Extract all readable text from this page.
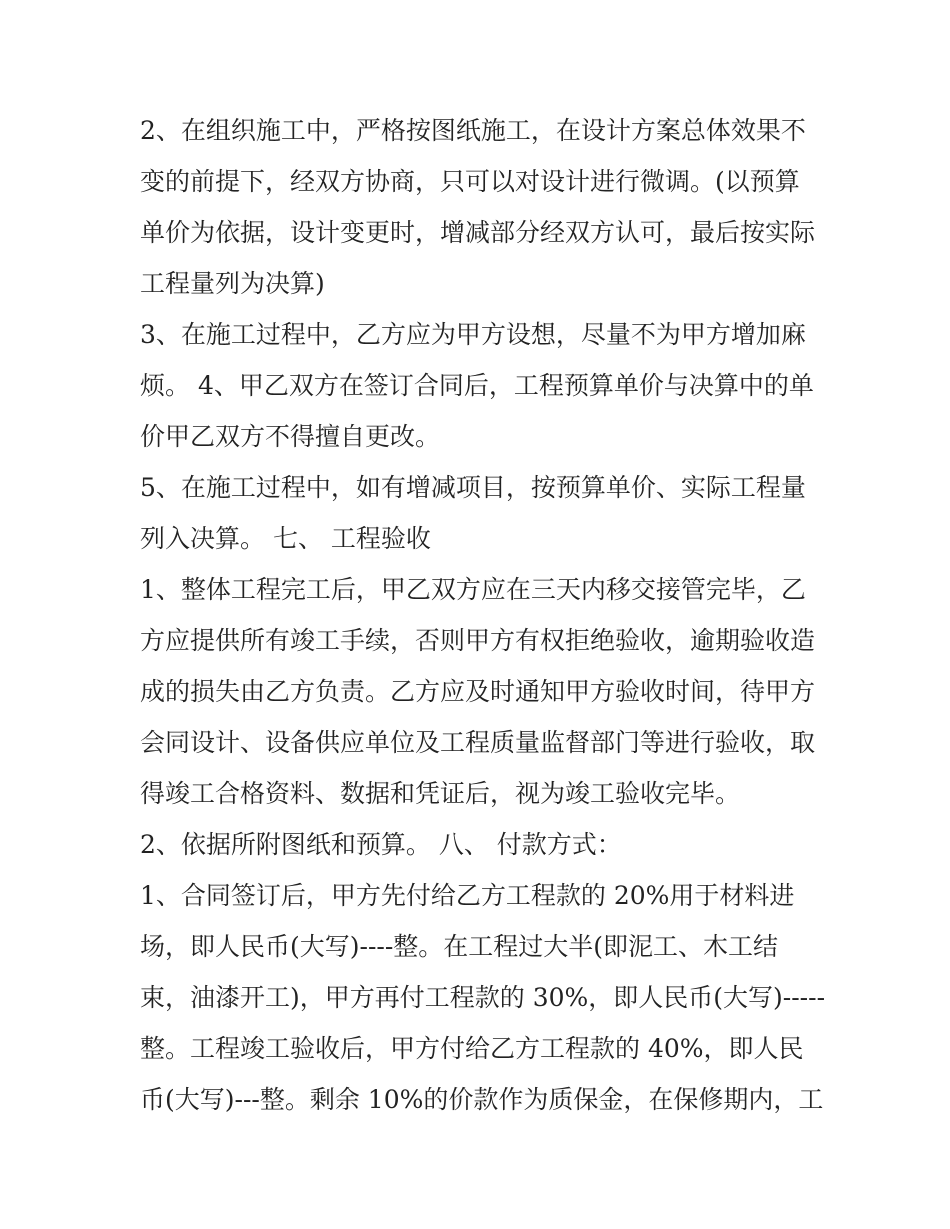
2、在组织施工中，严格按图纸施工，在设计方案总体效果不

变的前提下，经双方协商，只可以对设计进行微调。(以预算

单价为依据，设计变更时，增减部分经双方认可，最后按实际

工程量列为决算)

3、在施工过程中，乙方应为甲方设想，尽量不为甲方增加麻

烦。 4、甲乙双方在签订合同后，工程预算单价与决算中的单

价甲乙双方不得擅自更改。

5、在施工过程中，如有增减项目，按预算单价、实际工程量

列入决算。 七、 工程验收

1、整体工程完工后，甲乙双方应在三天内移交接管完毕，乙

方应提供所有竣工手续，否则甲方有权拒绝验收，逾期验收造

成的损失由乙方负责。乙方应及时通知甲方验收时间，待甲方

会同设计、设备供应单位及工程质量监督部门等进行验收，取

得竣工合格资料、数据和凭证后，视为竣工验收完毕。

2、依据所附图纸和预算。 八、 付款方式：

1、合同签订后，甲方先付给乙方工程款的 20%用于材料进

场，即人民币(大写)----整。在工程过大半(即泥工、木工结

束，油漆开工)，甲方再付工程款的 30%，即人民币(大写)-----

整。工程竣工验收后，甲方付给乙方工程款的 40%，即人民

币(大写)---整。剩余 10%的价款作为质保金，在保修期内，工
